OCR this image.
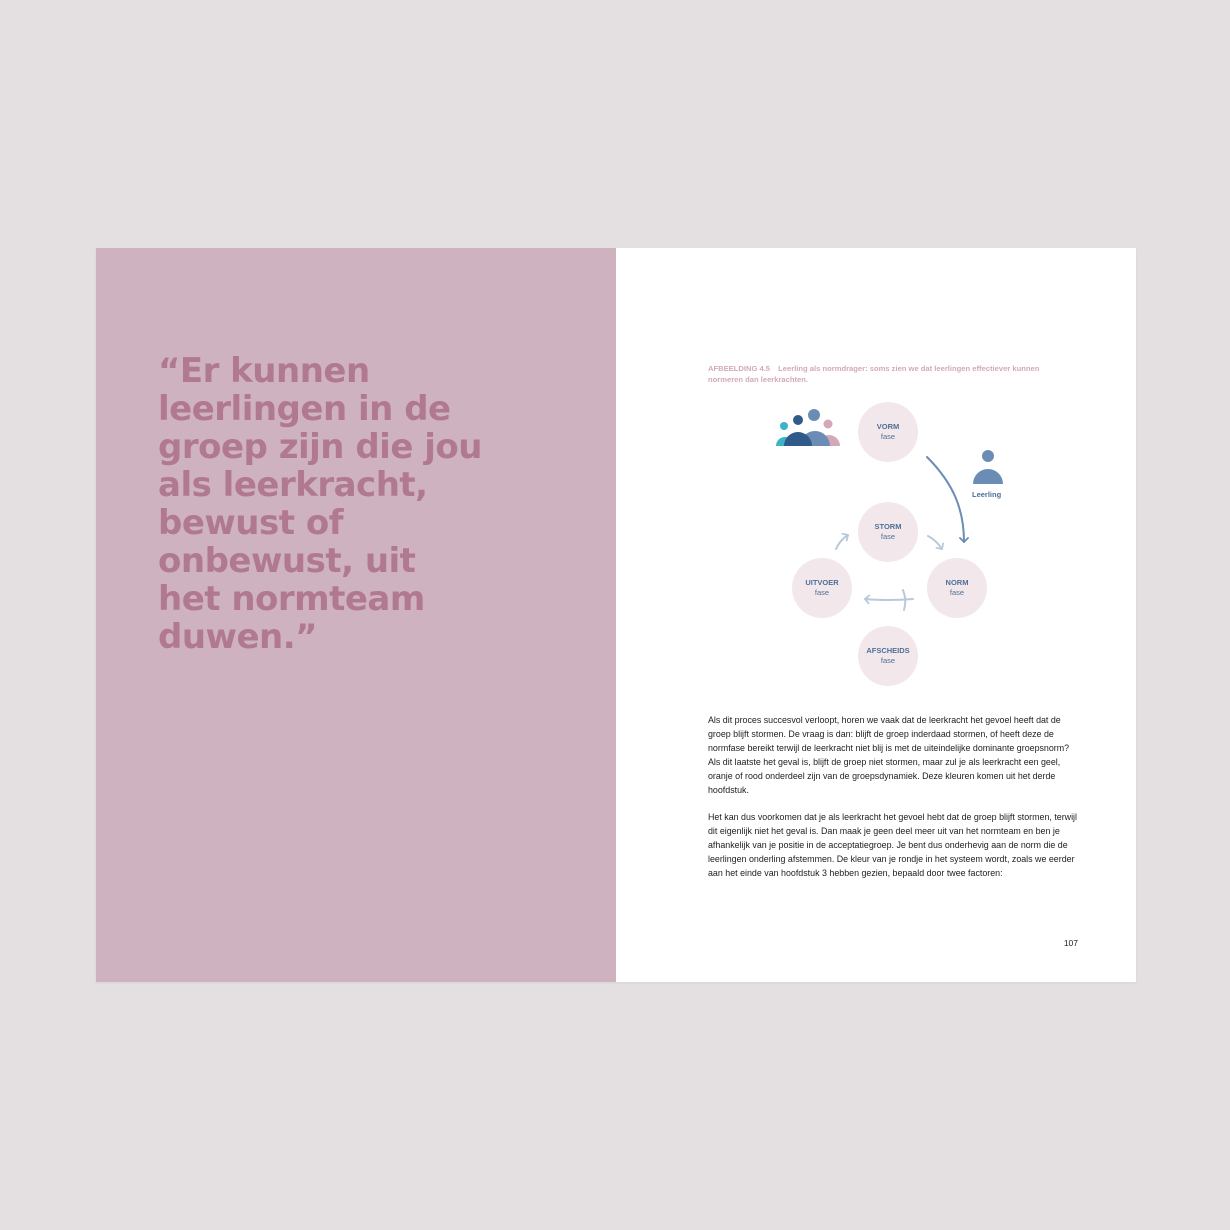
“Er kunnen
leerlingen in de
groep zijn die jou
als leerkracht,
bewust of
onbewust, uit
het normteam
duwen.”
AFBEELDING 4.5 Leerling als normdrager: soms zien we dat leerlingen effectiever kunnen normeren dan leerkrachten.
VORM
fase
STORM
fase
NORM
fase
UITVOER
fase
AFSCHEIDS
fase
Leerling

Als dit proces succesvol verloopt, horen we vaak dat de leerkracht het gevoel heeft dat de groep blijft stormen. De vraag is dan: blijft de groep inderdaad stormen, of heeft deze de normfase bereikt terwijl de leerkracht niet blij is met de uiteindelijke dominante groepsnorm? Als dit laatste het geval is, blijft de groep niet stormen, maar zul je als leerkracht een geel, oranje of rood onderdeel zijn van de groepsdynamiek. Deze kleuren komen uit het derde hoofdstuk.

Het kan dus voorkomen dat je als leerkracht het gevoel hebt dat de groep blijft stormen, terwijl dit eigenlijk niet het geval is. Dan maak je geen deel meer uit van het normteam en ben je afhankelijk van je positie in de acceptatiegroep. Je bent dus onderhevig aan de norm die de leerlingen onderling afstemmen. De kleur van je rondje in het systeem wordt, zoals we eerder aan het einde van hoofdstuk 3 hebben gezien, bepaald door twee factoren:

107
